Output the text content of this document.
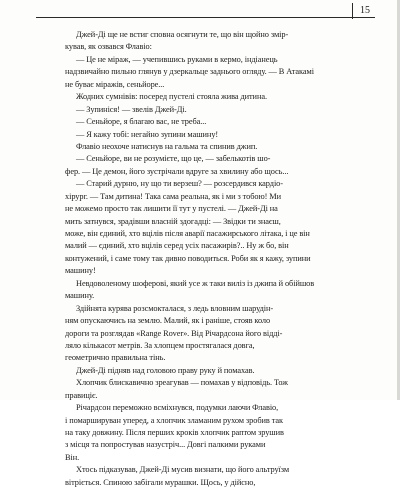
15
Джей-Ді ще не встиг сповна осягнути те, що він щойно змір-
кував, як озвався Флавіо:
— Це не міраж, — учепившись руками в кермо, індіанець
надзвичайно пильно глянув у дзеркальце заднього огляду. — В Атакамі
не буває міражів, сеньйоре...
Жодних сумнівів: посеред пустелі стояла жива дитина.
— Зупиніся! — звелів Джей-Ді.
— Сеньйоре, я благаю вас, не треба...
— Я кажу тобі: негайно зупини машину!
Флавіо неохоче натиснув на гальма та спинив джип.
— Сеньйоре, ви не розумієте, що це, — забелькотів шо-
фер. — Це демон, його зустрічали вдруге за хвилину або щось...
— Старий дурню, ну що ти верзеш? — розсердився кардіо-
хірург. — Там дитина! Така сама реальна, як і ми з тобою! Ми
не можемо просто так лишити її тут у пустелі. — Джей-Ді на
мить затнувся, зрадівши власній здогадці: — Звідки ти знаєш,
може, він єдиний, хто вцілів після аварії пасажирського літака, і це він
малий — єдиний, хто вцілів серед усіх пасажирів?.. Ну ж бо, він
контужений, і саме тому так дивно поводиться. Роби як я кажу, зупини
машину!
Невдоволеному шоферові, який усе ж таки виліз із джипа й обійшов
машину.
Здійнята курява розсмокталася, з ледь вловним шарудін-
ням опускаючись на землю. Малий, як і раніше, стояв коло
дороги та розглядав «Range Rover». Від Річардсона його відді-
ляло кількасот метрів. За хлопцем простягалася довга,
геометрично правильна тінь.
Джей-Ді підняв над головою праву руку й помахав.
Хлопчик блискавично зреагував — помахав у відповідь. Тож
правиціє.
Річардсон переможно всміхнувся, подумки лаючи Флавіо,
і помаршируван уперед, а хлопчик зламаним рухом зробив так
на таку довжину. Після перших кроків хлопчик раптом зрушив
з місця та попростував назустріч... Довгі палкими руками
Він.
Хтось підказував, Джей-Ді мусив визнати, що його альтруїзм
вітріється. Спиною забігали мурашки. Щось, у дійсно,
